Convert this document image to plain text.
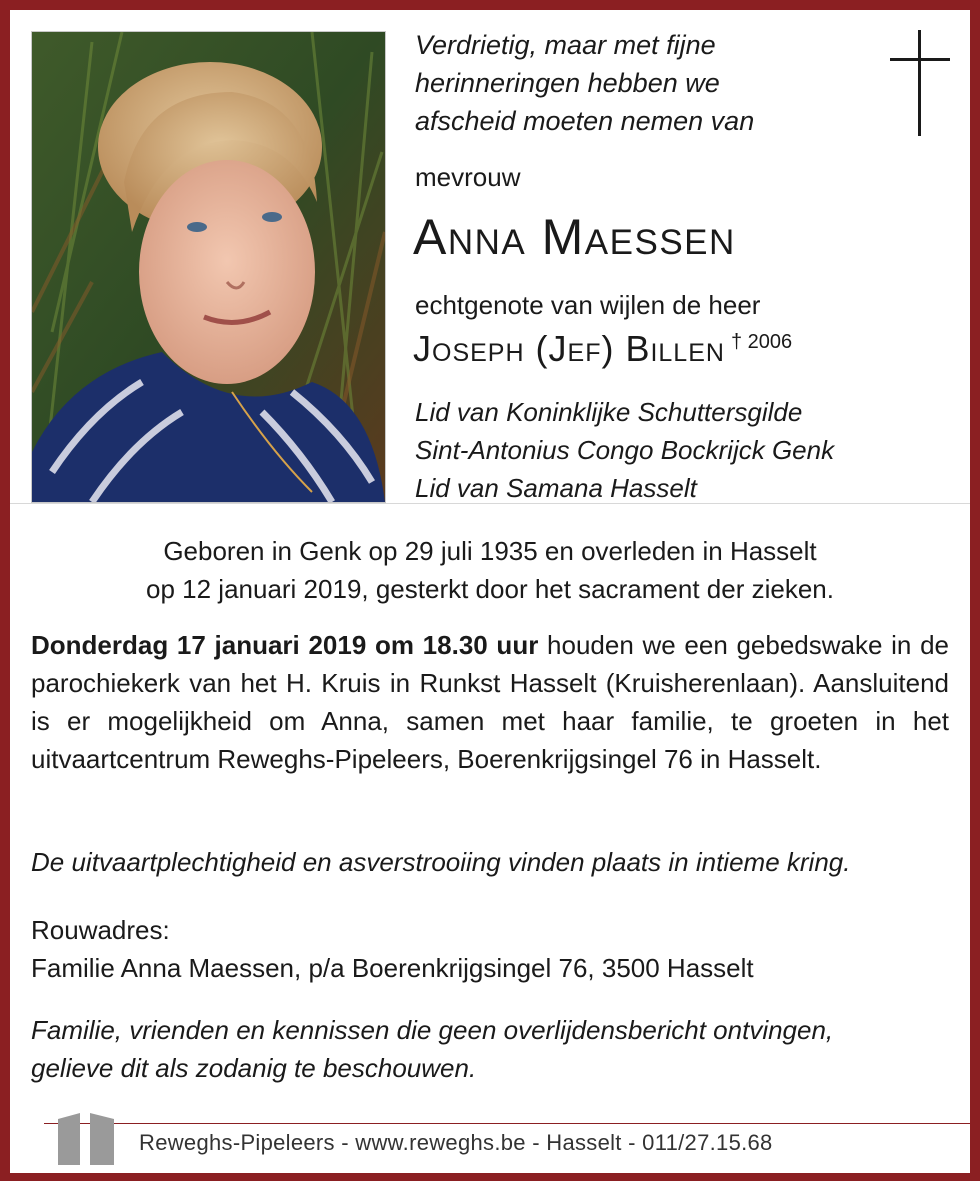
Verdrietig, maar met fijne
herinneringen hebben we
afscheid moeten nemen van
mevrouw
Anna Maessen
echtgenote van wijlen de heer
Joseph (Jef) Billen $^{\dagger 2006}$
Lid van Koninklijke Schuttersgilde
Sint-Antonius Congo Bockrijck Genk
Lid van Samana Hasselt
Geboren in Genk op 29 juli 1935 en overleden in Hasselt
op 12 januari 2019, gesterkt door het sacrament der zieken.
Donderdag 17 januari 2019 om 18.30 uur houden we een gebedswake in de parochiekerk van het H. Kruis in Runkst Hasselt (Kruisherenlaan). Aansluitend is er mogelijkheid om Anna, samen met haar familie, te groeten in het uitvaartcentrum Reweghs-Pipeleers, Boerenkrijgsingel 76 in Hasselt.
De uitvaartplechtigheid en asverstrooiing vinden plaats in intieme kring.
Rouwadres:
Familie Anna Maessen, p/a Boerenkrijgsingel 76, 3500 Hasselt
Familie, vrienden en kennissen die geen overlijdensbericht ontvingen,
gelieve dit als zodanig te beschouwen.
Reweghs-Pipeleers - www.reweghs.be - Hasselt - 011/27.15.68
